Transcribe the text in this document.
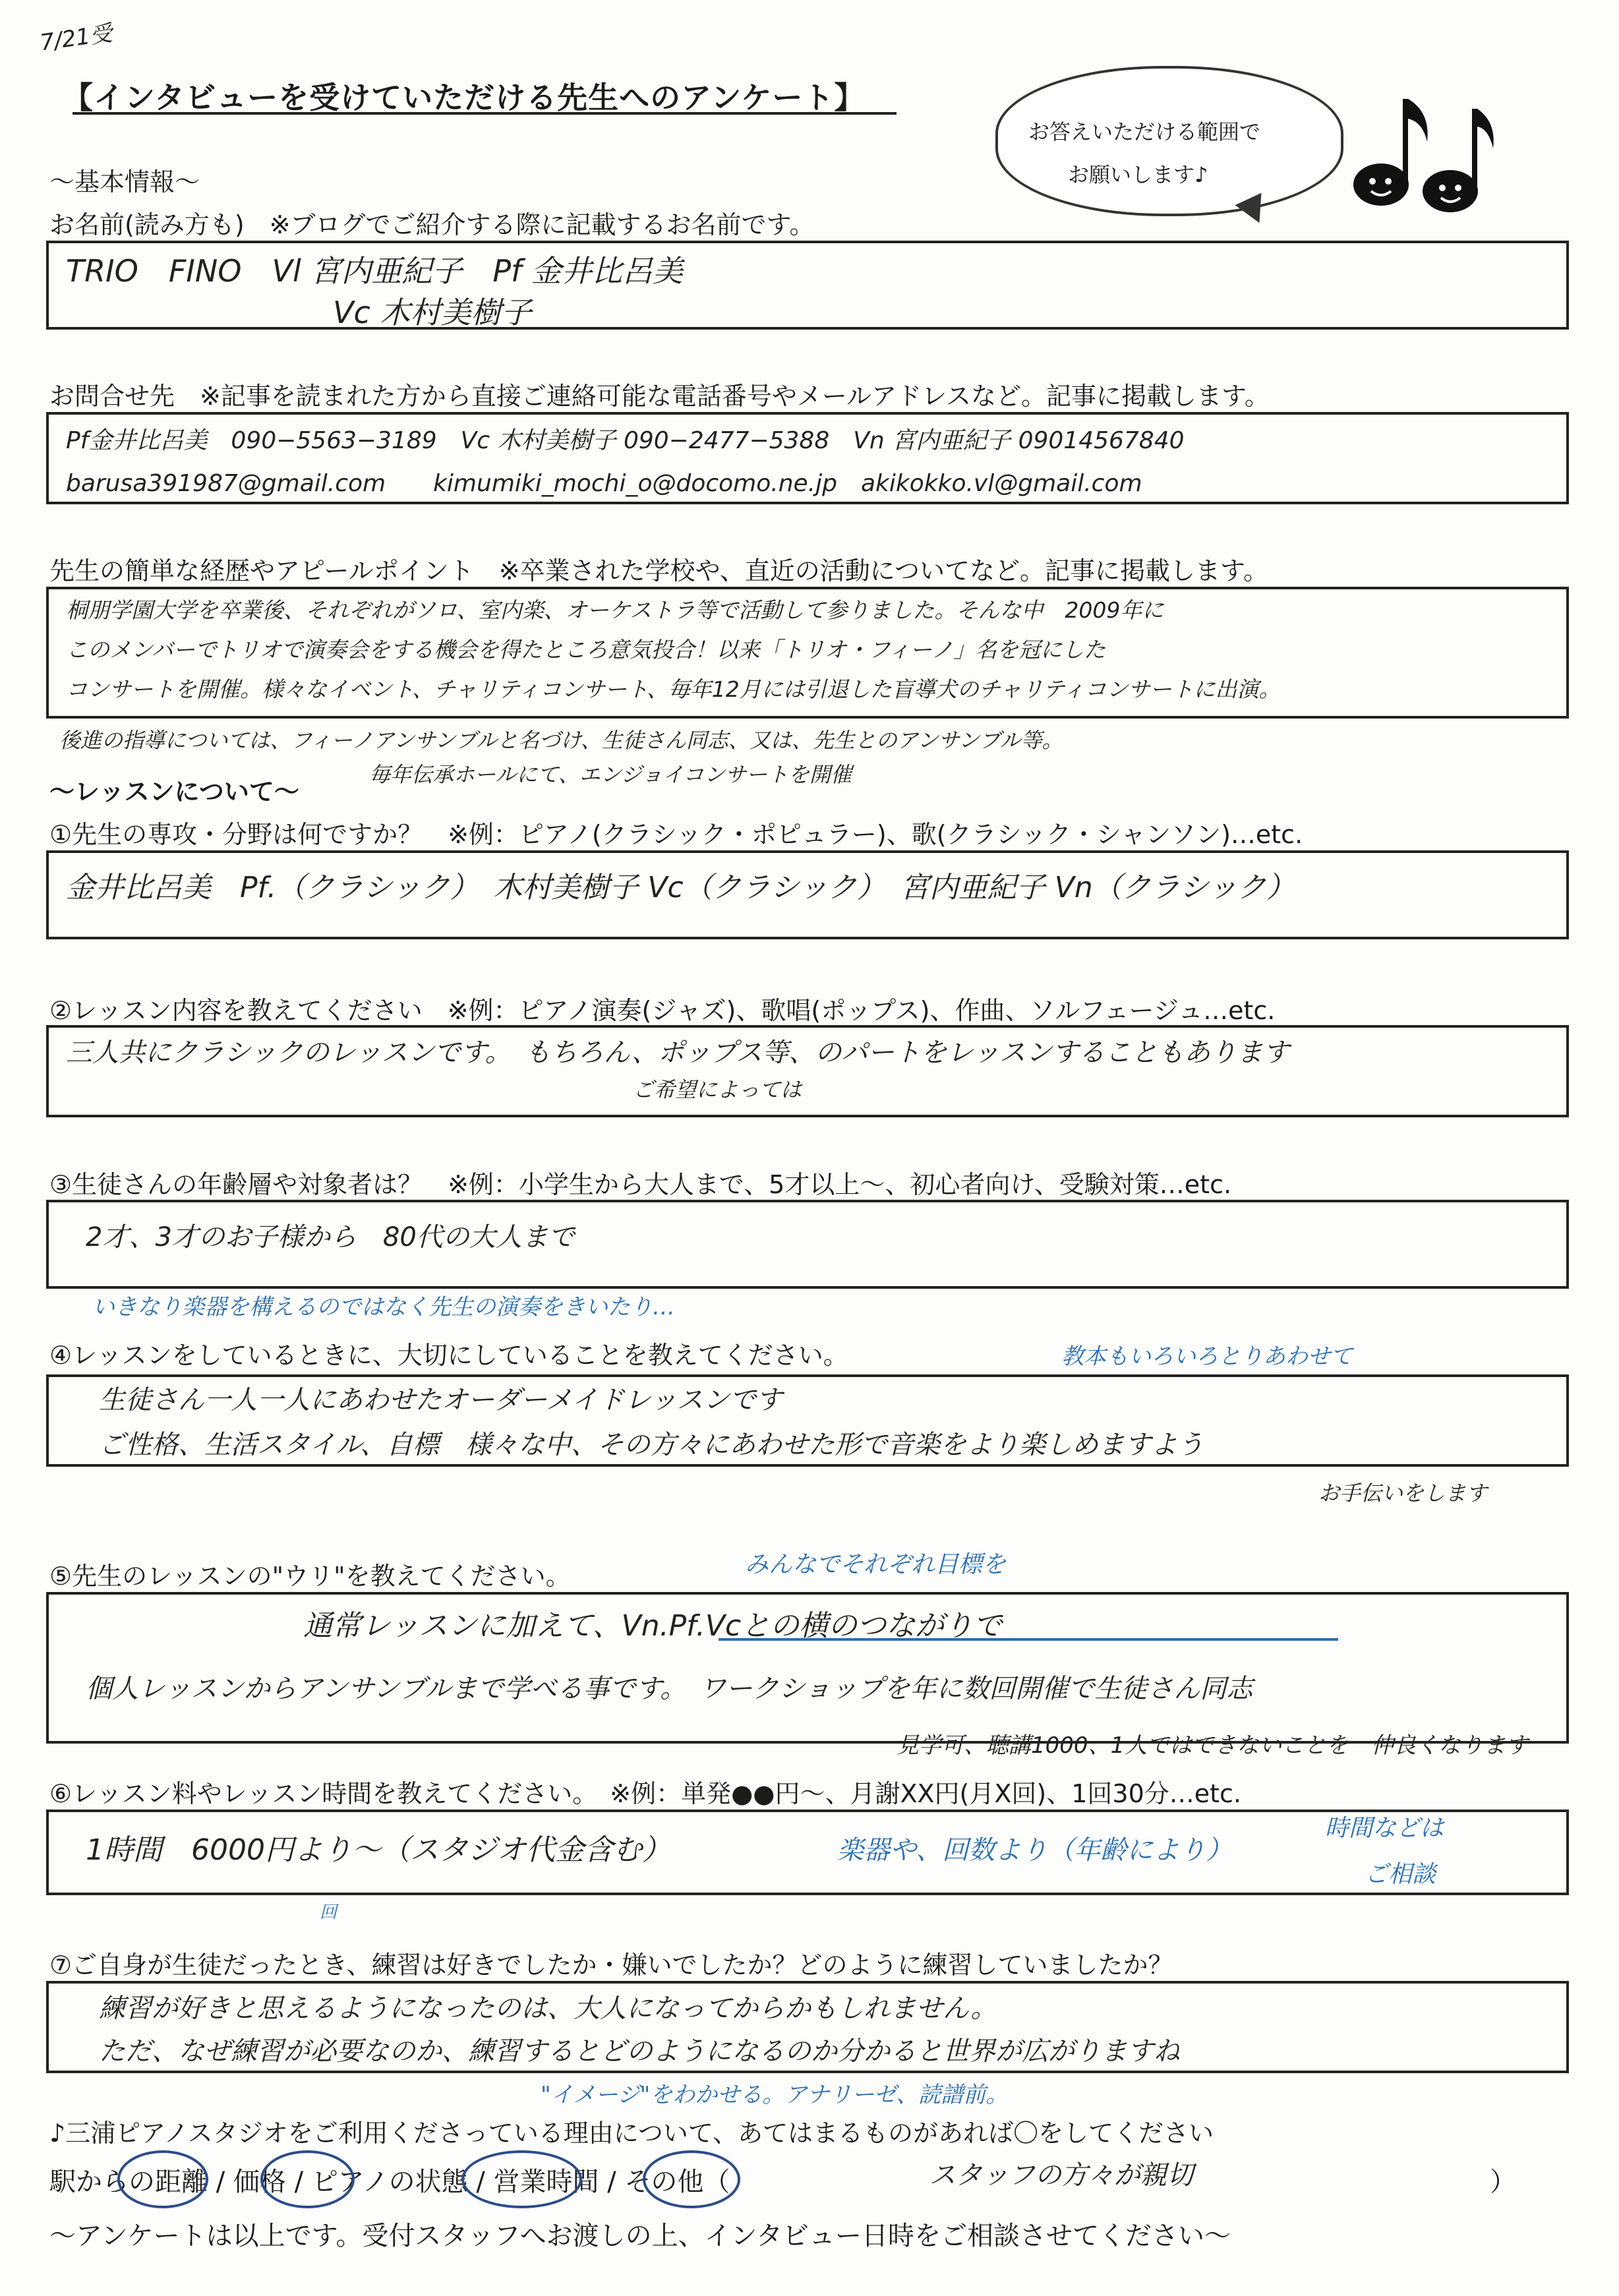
7/21受
【インタビューを受けていただける先生へのアンケート】
お答えいただける範囲で
お願いします♪
〜基本情報〜
お名前(読み方も)　※ブログでご紹介する際に記載するお名前です。
TRIO　FINO　Vl 宮内亜紀子　Pf 金井比呂美
Vc 木村美樹子
お問合せ先　※記事を読まれた方から直接ご連絡可能な電話番号やメールアドレスなど。記事に掲載します。
Pf金井比呂美　090−5563−3189　Vc 木村美樹子 090−2477−5388　Vn 宮内亜紀子 09014567840
barusa391987@gmail.com　　kimumiki_mochi_o@docomo.ne.jp　akikokko.vl@gmail.com
先生の簡単な経歴やアピールポイント　※卒業された学校や、直近の活動についてなど。記事に掲載します。
桐朋学園大学を卒業後、それぞれがソロ、室内楽、オーケストラ等で活動して参りました。そんな中　2009年に
このメンバーでトリオで演奏会をする機会を得たところ意気投合！以来「トリオ・フィーノ」名を冠にした
コンサートを開催。様々なイベント、チャリティコンサート、毎年12月には引退した盲導犬のチャリティコンサートに出演。
後進の指導については、フィーノアンサンブルと名づけ、生徒さん同志、又は、先生とのアンサンブル等。
毎年伝承ホールにて、エンジョイコンサートを開催
〜レッスンについて〜
①先生の専攻・分野は何ですか？　※例：ピアノ(クラシック・ポピュラー)、歌(クラシック・シャンソン)…etc.
金井比呂美　Pf.（クラシック）　木村美樹子 Vc（クラシック）　宮内亜紀子 Vn（クラシック）
②レッスン内容を教えてください　※例：ピアノ演奏(ジャズ)、歌唱(ポップス)、作曲、ソルフェージュ…etc.
三人共にクラシックのレッスンです。　もちろん、ポップス等、のパートをレッスンすることもあります
ご希望によっては
③生徒さんの年齢層や対象者は？　※例：小学生から大人まで、5才以上〜、初心者向け、受験対策…etc.
2才、3才のお子様から　80代の大人まで
いきなり楽器を構えるのではなく先生の演奏をきいたり…
④レッスンをしているときに、大切にしていることを教えてください。	教本もいろいろとりあわせて
生徒さん一人一人にあわせたオーダーメイドレッスンです
ご性格、生活スタイル、自標　様々な中、その方々にあわせた形で音楽をより楽しめますよう
お手伝いをします
⑤先生のレッスンの"ウリ"を教えてください。	みんなでそれぞれ目標を
通常レッスンに加えて、Vn.Pf.Vcとの横のつながりで
個人レッスンからアンサンブルまで学べる事です。　ワークショップを年に数回開催で生徒さん同志
見学可、聴講1000、1人ではできないことを　仲良くなります
⑥レッスン料やレッスン時間を教えてください。　※例：単発●●円〜、月謝XX円(月X回)、1回30分…etc.
1時間　6000円より〜（スタジオ代金含む）	楽器や、回数より（年齢により）
時間などは
ご相談
回
⑦ご自身が生徒だったとき、練習は好きでしたか・嫌いでしたか？どのように練習していましたか？
練習が好きと思えるようになったのは、大人になってからかもしれません。
ただ、なぜ練習が必要なのか、練習するとどのようになるのか分かると世界が広がりますね
"イメージ"をわかせる。アナリーゼ、読譜前。
♪三浦ピアノスタジオをご利用くださっている理由について、あてはまるものがあれば〇をしてください
駅からの距離 / 価格 / ピアノの状態 / 営業時間 / その他（	スタッフの方々が親切	）
〜アンケートは以上です。受付スタッフへお渡しの上、インタビュー日時をご相談させてください〜
